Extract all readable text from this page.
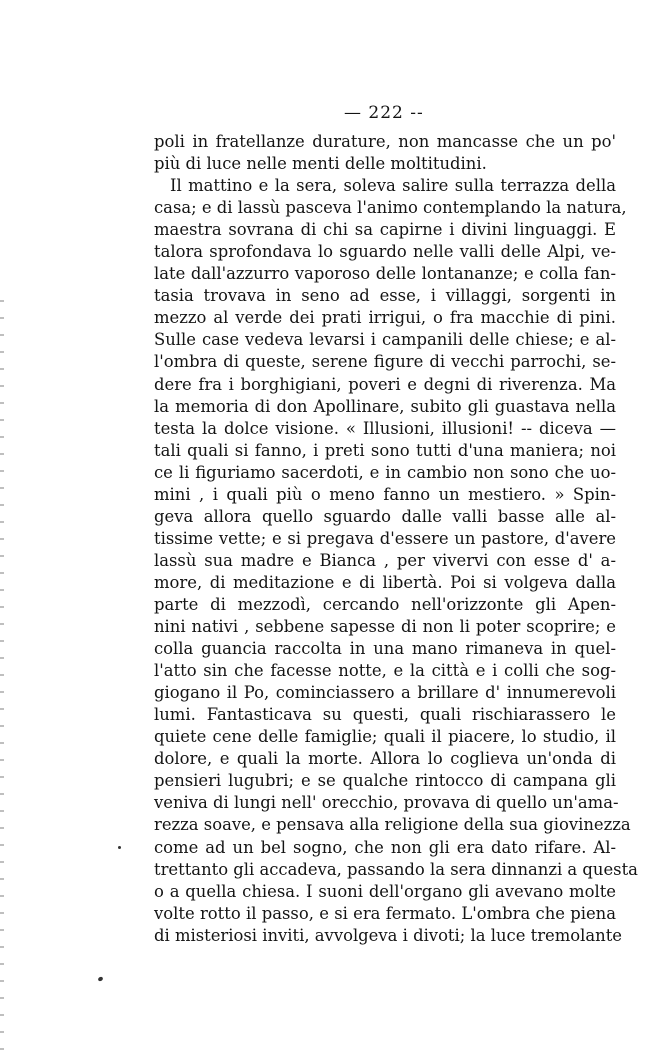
— 222 --
poli in fratellanze durature, non mancasse che un po'
più di luce nelle menti delle moltitudini.
Il mattino e la sera, soleva salire sulla terrazza della
casa; e di lassù pasceva l'animo contemplando la natura,
maestra sovrana di chi sa capirne i divini linguaggi. E
talora sprofondava lo sguardo nelle valli delle Alpi, ve-
late dall'azzurro vaporoso delle lontananze; e colla fan-
tasia trovava in seno ad esse, i villaggi, sorgenti in
mezzo al verde dei prati irrigui, o fra macchie di pini.
Sulle case vedeva levarsi i campanili delle chiese; e al-
l'ombra di queste, serene figure di vecchi parrochi, se-
dere fra i borghigiani, poveri e degni di riverenza. Ma
la memoria di don Apollinare, subito gli guastava nella
testa la dolce visione. « Illusioni, illusioni! -- diceva —
tali quali si fanno, i preti sono tutti d'una maniera; noi
ce li figuriamo sacerdoti, e in cambio non sono che uo-
mini , i quali più o meno fanno un mestiero. » Spin-
geva allora quello sguardo dalle valli basse alle al-
tissime vette; e si pregava d'essere un pastore, d'avere
lassù sua madre e Bianca , per vivervi con esse d' a-
more, di meditazione e di libertà. Poi si volgeva dalla
parte di mezzodì, cercando nell'orizzonte gli Apen-
nini nativi , sebbene sapesse di non li poter scoprire; e
colla guancia raccolta in una mano rimaneva in quel-
l'atto sin che facesse notte, e la città e i colli che sog-
giogano il Po, cominciassero a brillare d' innumerevoli
lumi. Fantasticava su questi, quali rischiarassero le
quiete cene delle famiglie; quali il piacere, lo studio, il
dolore, e quali la morte. Allora lo coglieva un'onda di
pensieri lugubri; e se qualche rintocco di campana gli
veniva di lungi nell' orecchio, provava di quello un'ama-
rezza soave, e pensava alla religione della sua giovinezza
come ad un bel sogno, che non gli era dato rifare. Al-
trettanto gli accadeva, passando la sera dinnanzi a questa
o a quella chiesa. I suoni dell'organo gli avevano molte
volte rotto il passo, e si era fermato. L'ombra che piena
di misteriosi inviti, avvolgeva i divoti; la luce tremolante
